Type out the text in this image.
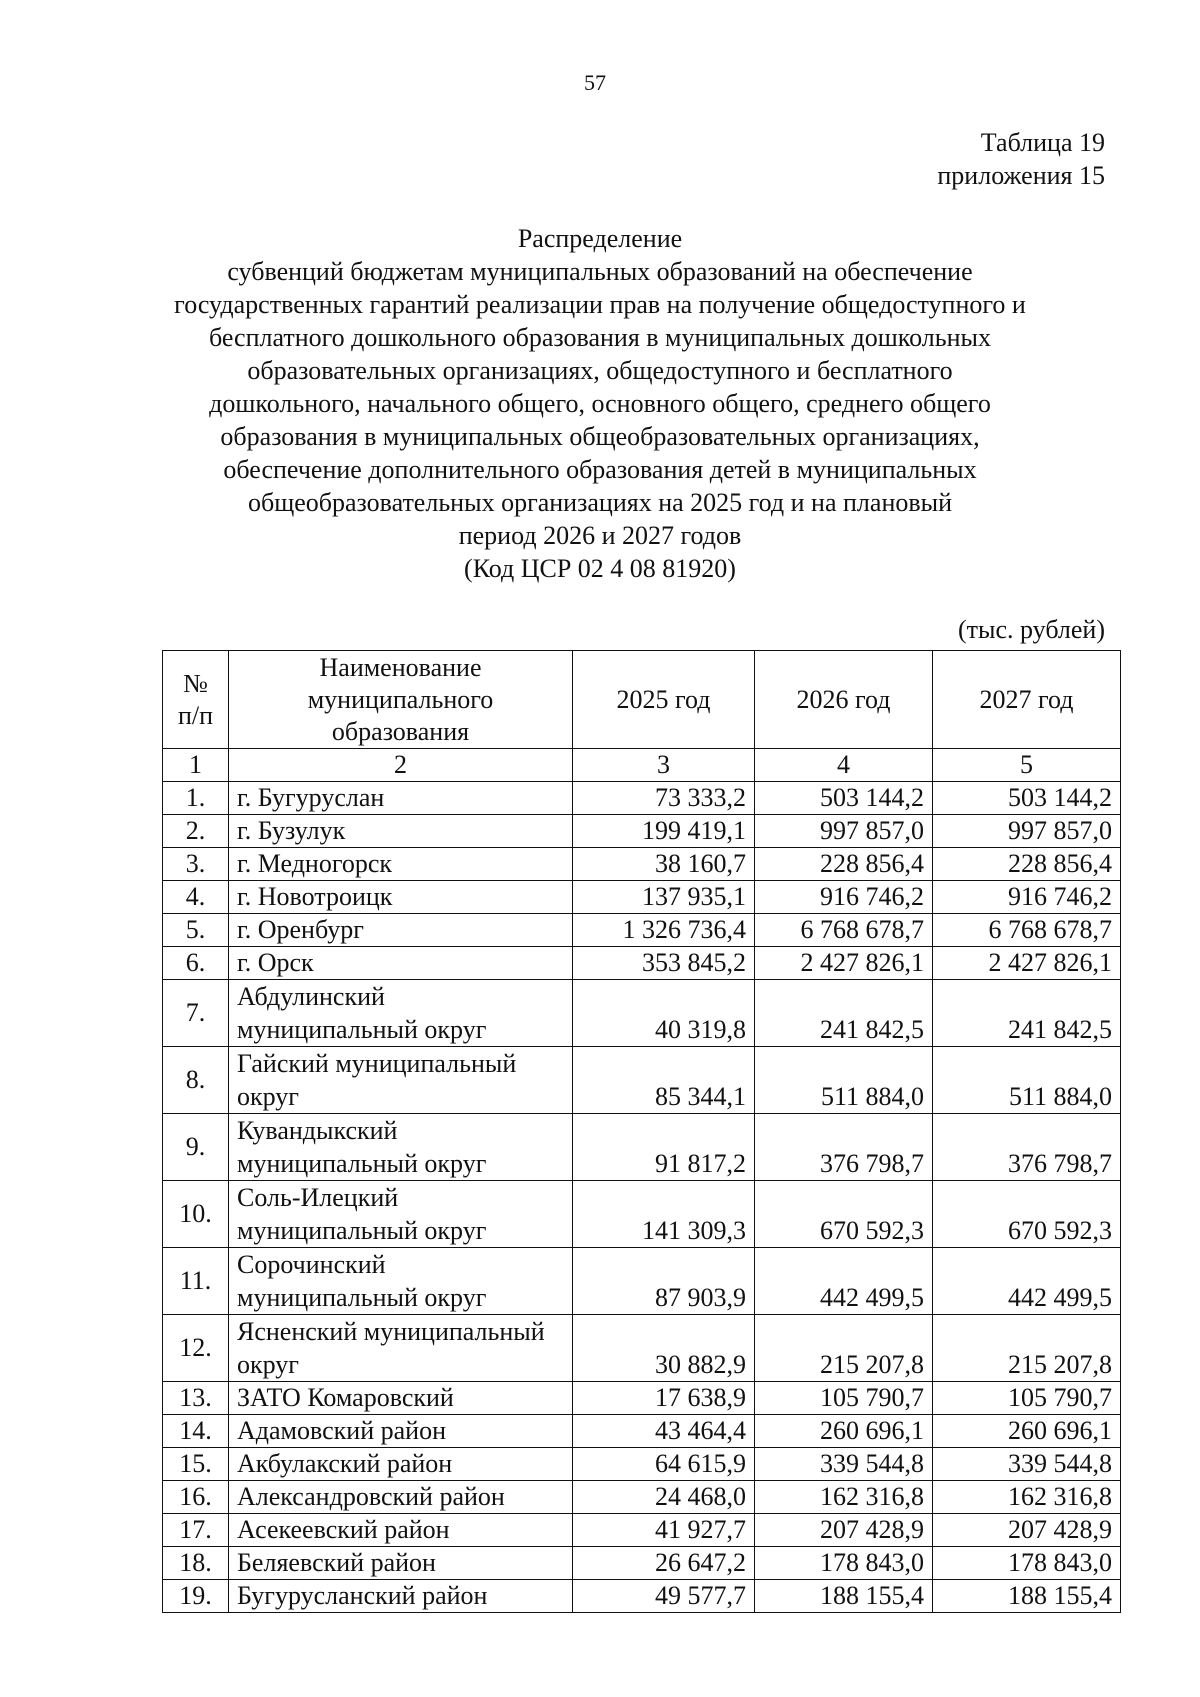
57
Таблица 19
приложения 15
Распределение
субвенций бюджетам муниципальных образований на обеспечение
государственных гарантий реализации прав на получение общедоступного и
бесплатного дошкольного образования в муниципальных дошкольных
образовательных организациях, общедоступного и бесплатного
дошкольного, начального общего, основного общего, среднего общего
образования в муниципальных общеобразовательных организациях,
обеспечение дополнительного образования детей в муниципальных
общеобразовательных организациях на 2025 год и на плановый
период 2026 и 2027 годов
(Код ЦСР 02 4 08 81920)
(тыс. рублей)
№ п/п	Наименование муниципального образования	2025 год	2026 год	2027 год
1	2	3	4	5
1.	г. Бугуруслан	73 333,2	503 144,2	503 144,2
2.	г. Бузулук	199 419,1	997 857,0	997 857,0
3.	г. Медногорск	38 160,7	228 856,4	228 856,4
4.	г. Новотроицк	137 935,1	916 746,2	916 746,2
5.	г. Оренбург	1 326 736,4	6 768 678,7	6 768 678,7
6.	г. Орск	353 845,2	2 427 826,1	2 427 826,1
7.	Абдулинский муниципальный округ	40 319,8	241 842,5	241 842,5
8.	Гайский муниципальный округ	85 344,1	511 884,0	511 884,0
9.	Кувандыкский муниципальный округ	91 817,2	376 798,7	376 798,7
10.	Соль-Илецкий муниципальный округ	141 309,3	670 592,3	670 592,3
11.	Сорочинский муниципальный округ	87 903,9	442 499,5	442 499,5
12.	Ясненский муниципальный округ	30 882,9	215 207,8	215 207,8
13.	ЗАТО Комаровский	17 638,9	105 790,7	105 790,7
14.	Адамовский район	43 464,4	260 696,1	260 696,1
15.	Акбулакский район	64 615,9	339 544,8	339 544,8
16.	Александровский район	24 468,0	162 316,8	162 316,8
17.	Асекеевский район	41 927,7	207 428,9	207 428,9
18.	Беляевский район	26 647,2	178 843,0	178 843,0
19.	Бугурусланский район	49 577,7	188 155,4	188 155,4
